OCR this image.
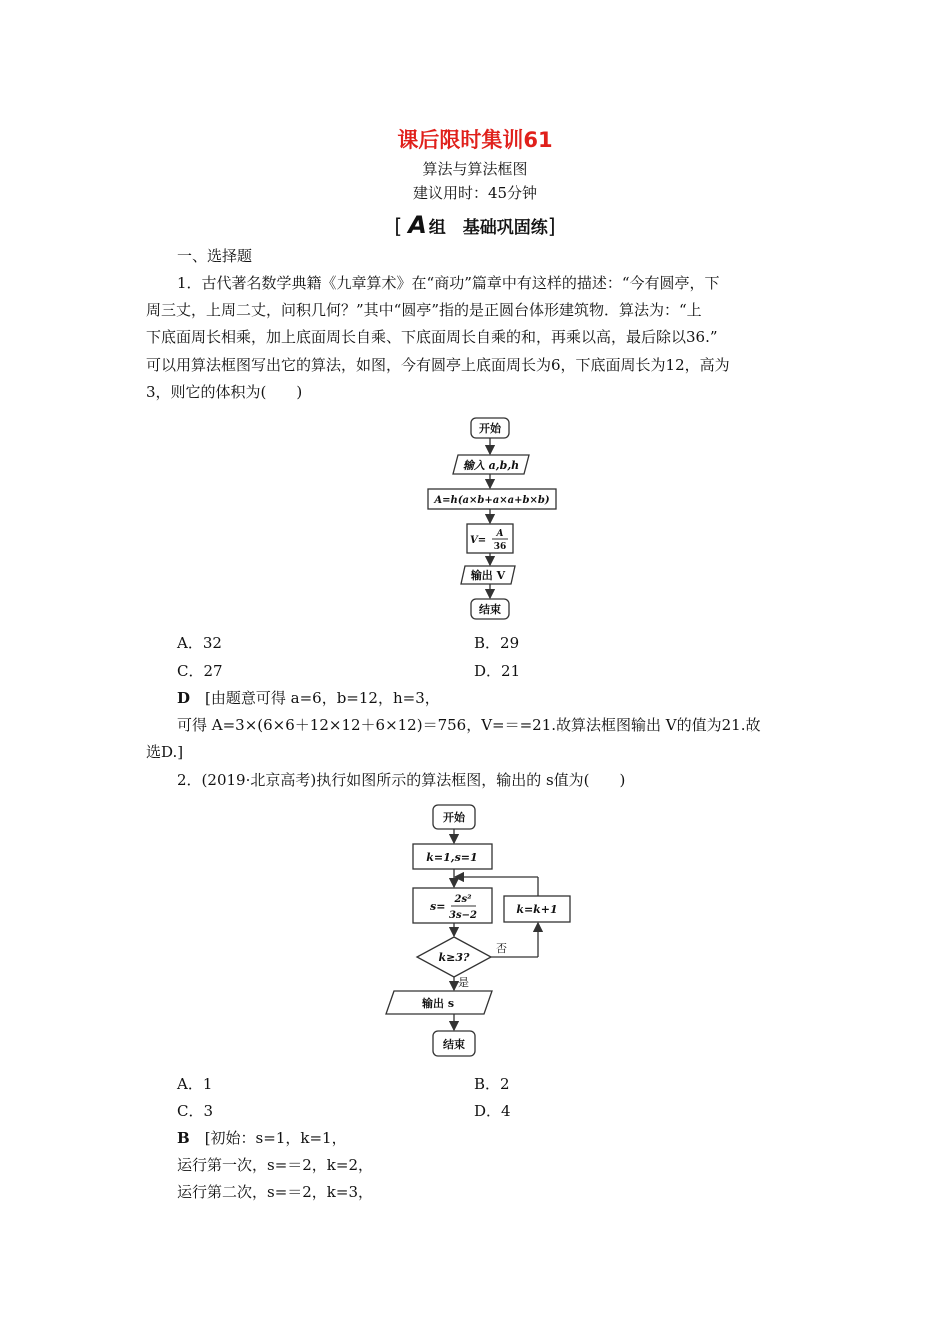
课后限时集训61
算法与算法框图
建议用时：45分钟
[ A 组　基础巩固练]
一、选择题
1．古代著名数学典籍《九章算术》在“商功”篇章中有这样的描述：“今有圆亭，下
周三丈，上周二丈，问积几何？”其中“圆亭”指的是正圆台体形建筑物．算法为：“上
下底面周长相乘，加上底面周长自乘、下底面周长自乘的和，再乘以高，最后除以36.”
可以用算法框图写出它的算法，如图，今有圆亭上底面周长为6，下底面周长为12，高为
3，则它的体积为(　　)
开始
输入 a,b,h
A=h(a×b+a×a+b×b)
V=
A
36
输出 V
结束
A．32	B．29
C．27	D．21
D　 [由题意可得 a=6，b=12，h=3，
可得 A=3×(6×6＋12×12＋6×12)＝756，V=＝=21.故算法框图输出 V的值为21.故
选D.]
2．(2019·北京高考)执行如图所示的算法框图，输出的 s值为(　　)
开始
k=1,s=1
s=
2s²
3s−2	k=k+1
k≥3?
否
是
输出 s
结束
A．1	B．2
C．3	D．4
B　 [初始：s=1，k=1，
运行第一次，s=＝2，k=2，
运行第二次，s=＝2，k=3，
